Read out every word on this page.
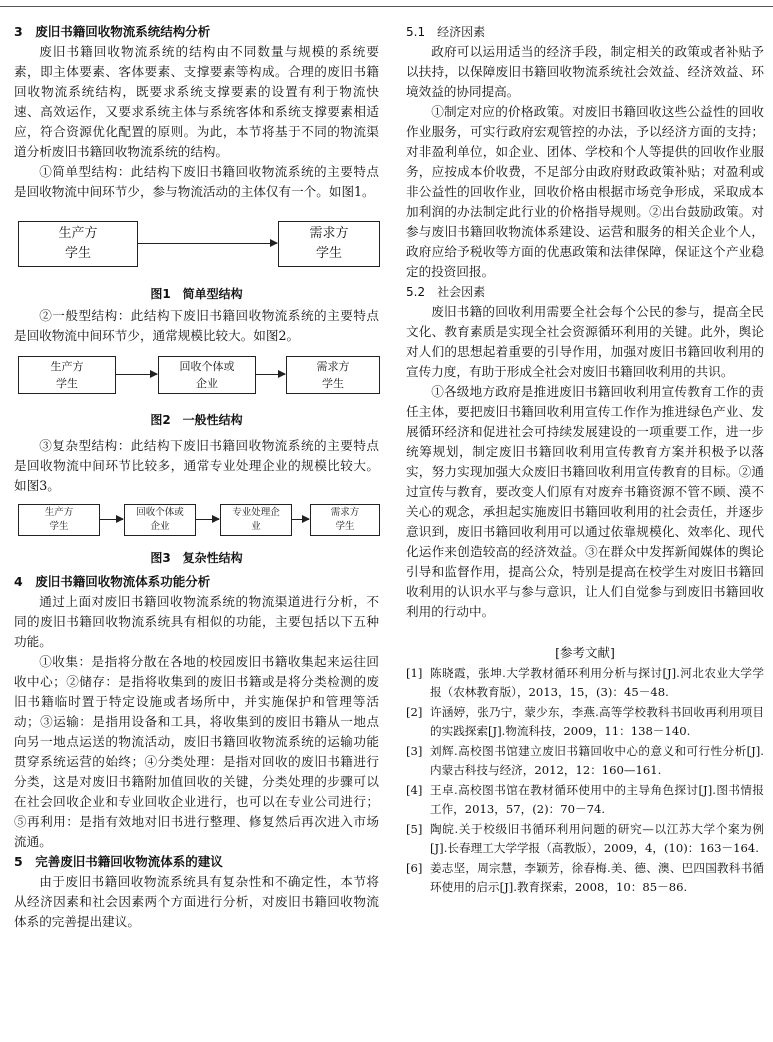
3　废旧书籍回收物流系统结构分析

废旧书籍回收物流系统的结构由不同数量与规模的系统要素，即主体要素、客体要素、支撑要素等构成。合理的废旧书籍回收物流系统结构，既要求系统支撑要素的设置有利于物流快速、高效运作，又要求系统主体与系统客体和系统支撑要素相适应，符合资源优化配置的原则。为此，本节将基于不同的物流渠道分析废旧书籍回收物流系统的结构。

①简单型结构：此结构下废旧书籍回收物流系统的主要特点是回收物流中间环节少，参与物流活动的主体仅有一个。如图1。

生产方
学生
需求方
学生
图1　简单型结构

②一般型结构：此结构下废旧书籍回收物流系统的主要特点是回收物流中间环节少，通常规模比较大。如图2。

生产方
学生
回收个体或
企业
需求方
学生
图2　一般性结构

③复杂型结构：此结构下废旧书籍回收物流系统的主要特点是回收物流中间环节比较多，通常专业处理企业的规模比较大。如图3。

生产方
学生
回收个体或
企业
专业处理企
业
需求方
学生
图3　复杂性结构
4　废旧书籍回收物流体系功能分析

通过上面对废旧书籍回收物流系统的物流渠道进行分析，不同的废旧书籍回收物流系统具有相似的功能，主要包括以下五种功能。

①收集：是指将分散在各地的校园废旧书籍收集起来运往回收中心；②储存：是指将收集到的废旧书籍或是将分类检测的废旧书籍临时置于特定设施或者场所中，并实施保护和管理等活动；③运输：是指用设备和工具，将收集到的废旧书籍从一地点向另一地点运送的物流活动，废旧书籍回收物流系统的运输功能贯穿系统运营的始终；④分类处理：是指对回收的废旧书籍进行分类，这是对废旧书籍附加值回收的关键，分类处理的步骤可以在社会回收企业和专业回收企业进行，也可以在专业公司进行；⑤再利用：是指有效地对旧书进行整理、修复然后再次进入市场流通。

5　完善废旧书籍回收物流体系的建议

由于废旧书籍回收物流系统具有复杂性和不确定性，本节将从经济因素和社会因素两个方面进行分析，对废旧书籍回收物流体系的完善提出建议。

5.1　经济因素

政府可以运用适当的经济手段，制定相关的政策或者补贴予以扶持，以保障废旧书籍回收物流系统社会效益、经济效益、环境效益的协同提高。

①制定对应的价格政策。对废旧书籍回收这些公益性的回收作业服务，可实行政府宏观管控的办法，予以经济方面的支持；对非盈利单位，如企业、团体、学校和个人等提供的回收作业服务，应按成本价收费，不足部分由政府财政政策补贴；对盈利或非公益性的回收作业，回收价格由根据市场竞争形成，采取成本加利润的办法制定此行业的价格指导规则。②出台鼓励政策。对参与废旧书籍回收物流体系建设、运营和服务的相关企业个人，政府应给予税收等方面的优惠政策和法律保障，保证这个产业稳定的投资回报。

5.2　社会因素

废旧书籍的回收利用需要全社会每个公民的参与，提高全民文化、教育素质是实现全社会资源循环利用的关键。此外，舆论对人们的思想起着重要的引导作用，加强对废旧书籍回收利用的宣传力度，有助于形成全社会对废旧书籍回收利用的共识。

①各级地方政府是推进废旧书籍回收利用宣传教育工作的责任主体，要把废旧书籍回收利用宣传工作作为推进绿色产业、发展循环经济和促进社会可持续发展建设的一项重要工作，进一步统筹规划，制定废旧书籍回收利用宣传教育方案并积极予以落实，努力实现加强大众废旧书籍回收利用宣传教育的目标。②通过宣传与教育，要改变人们原有对废弃书籍资源不管不顾、漠不关心的观念，承担起实施废旧书籍回收利用的社会责任，并逐步意识到，废旧书籍回收利用可以通过依靠规模化、效率化、现代化运作来创造较高的经济效益。③在群众中发挥新闻媒体的舆论引导和监督作用，提高公众，特别是提高在校学生对废旧书籍回收利用的认识水平与参与意识，让人们自觉参与到废旧书籍回收利用的行动中。

[参考文献]
[1] 陈晓霞，张坤.大学教材循环利用分析与探讨[J].河北农业大学学报（农林教育版），2013，15，(3)：45－48.
[2] 许涵婷，张乃宁，蒙少东，李燕.高等学校教科书回收再利用项目的实践探索[J].物流科技，2009，11：138－140.
[3] 刘辉.高校图书馆建立废旧书籍回收中心的意义和可行性分析[J].内蒙古科技与经济，2012，12：160—161.
[4] 王卓.高校图书馆在教材循环使用中的主导角色探讨[J].图书情报工作，2013，57，(2)：70－74.
[5] 陶皖.关于校级旧书循环利用问题的研究—以江苏大学个案为例[J].长春理工大学学报（高教版），2009，4，(10)：163－164.
[6] 姜志坚，周宗慧，李颖芳，徐春梅.美、德、澳、巴四国教科书循环使用的启示[J].教育探索，2008，10：85－86.
